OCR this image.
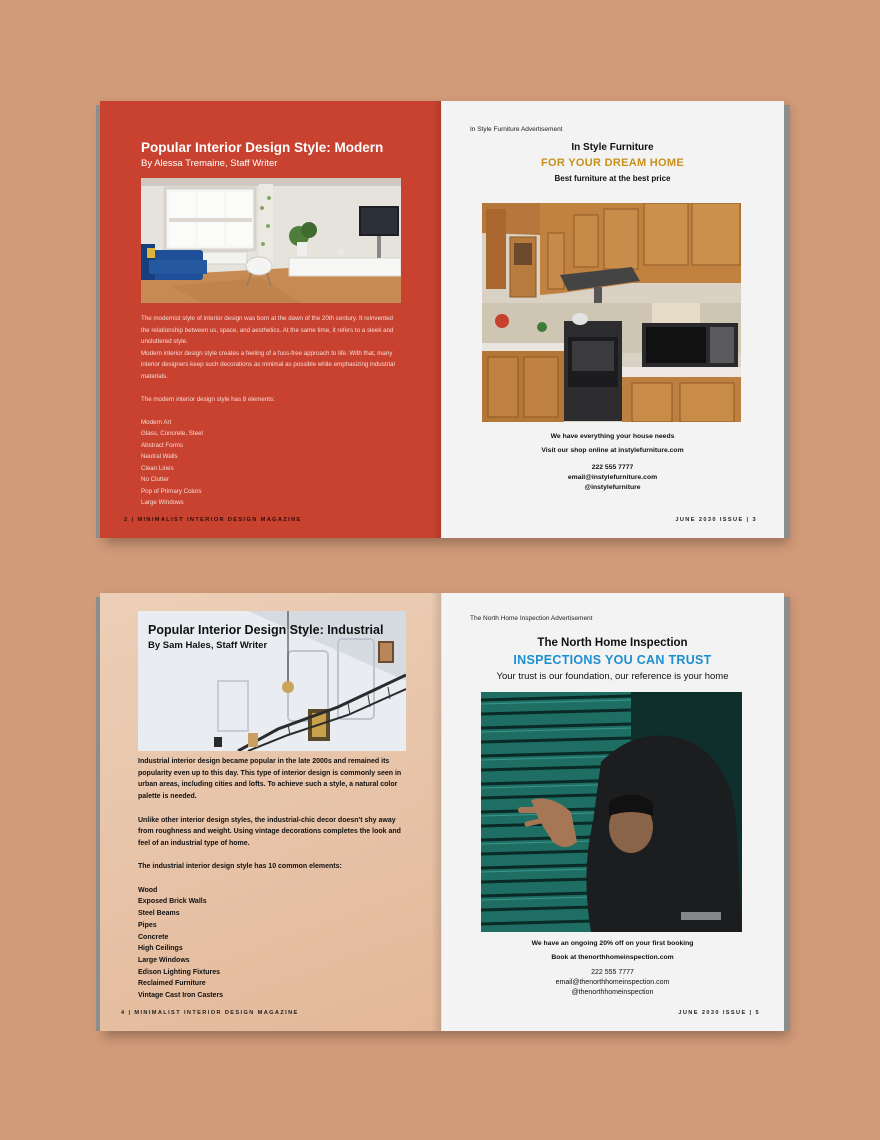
Popular Interior Design Style: Modern
By Alessa Tremaine, Staff Writer

The modernist style of interior design was born at the dawn of the 20th century. It reinvented the relationship between us, space, and aesthetics. At the same time, it refers to a sleek and uncluttered style.

Modern interior design style creates a feeling of a fuss-free approach to life. With that, many interior designers keep such decorations as minimal as possible while emphasizing industrial materials.

The modern interior design style has 8 elements:

Modern Art
Glass, Concrete, Steel
Abstract Forms
Neutral Walls
Clean Lines
No Clutter
Pop of Primary Colors
Large Windows
2 | MINIMALIST INTERIOR DESIGN MAGAZINE
In Style Furniture Advertisement
In Style Furniture
FOR YOUR DREAM HOME
Best furniture at the best price
We have everything your house needs
Visit our shop online at instylefurniture.com
222 555 7777
email@instylefurniture.com
@instylefurniture
JUNE 2030 ISSUE | 3
Popular Interior Design Style: Industrial
By Sam Hales, Staff Writer

Industrial interior design became popular in the late 2000s and remained its popularity even up to this day. This type of interior design is commonly seen in urban areas, including cities and lofts. To achieve such a style, a natural color palette is needed.

Unlike other interior design styles, the industrial-chic decor doesn't shy away from roughness and weight. Using vintage decorations completes the look and feel of an industrial type of home.

The industrial interior design style has 10 common elements:

Wood
Exposed Brick Walls
Steel Beams
Pipes
Concrete
High Ceilings
Large Windows
Edison Lighting Fixtures
Reclaimed Furniture
Vintage Cast Iron Casters
4 | MINIMALIST INTERIOR DESIGN MAGAZINE
The North Home Inspection Advertisement
The North Home Inspection
INSPECTIONS YOU CAN TRUST
Your trust is our foundation, our reference is your home
We have an ongoing 20% off on your first booking
Book at thenorthhomeinspection.com
222 555 7777
email@thenorthhomeinspection.com
@thenorthhomeinspection
JUNE 2030 ISSUE | 5
